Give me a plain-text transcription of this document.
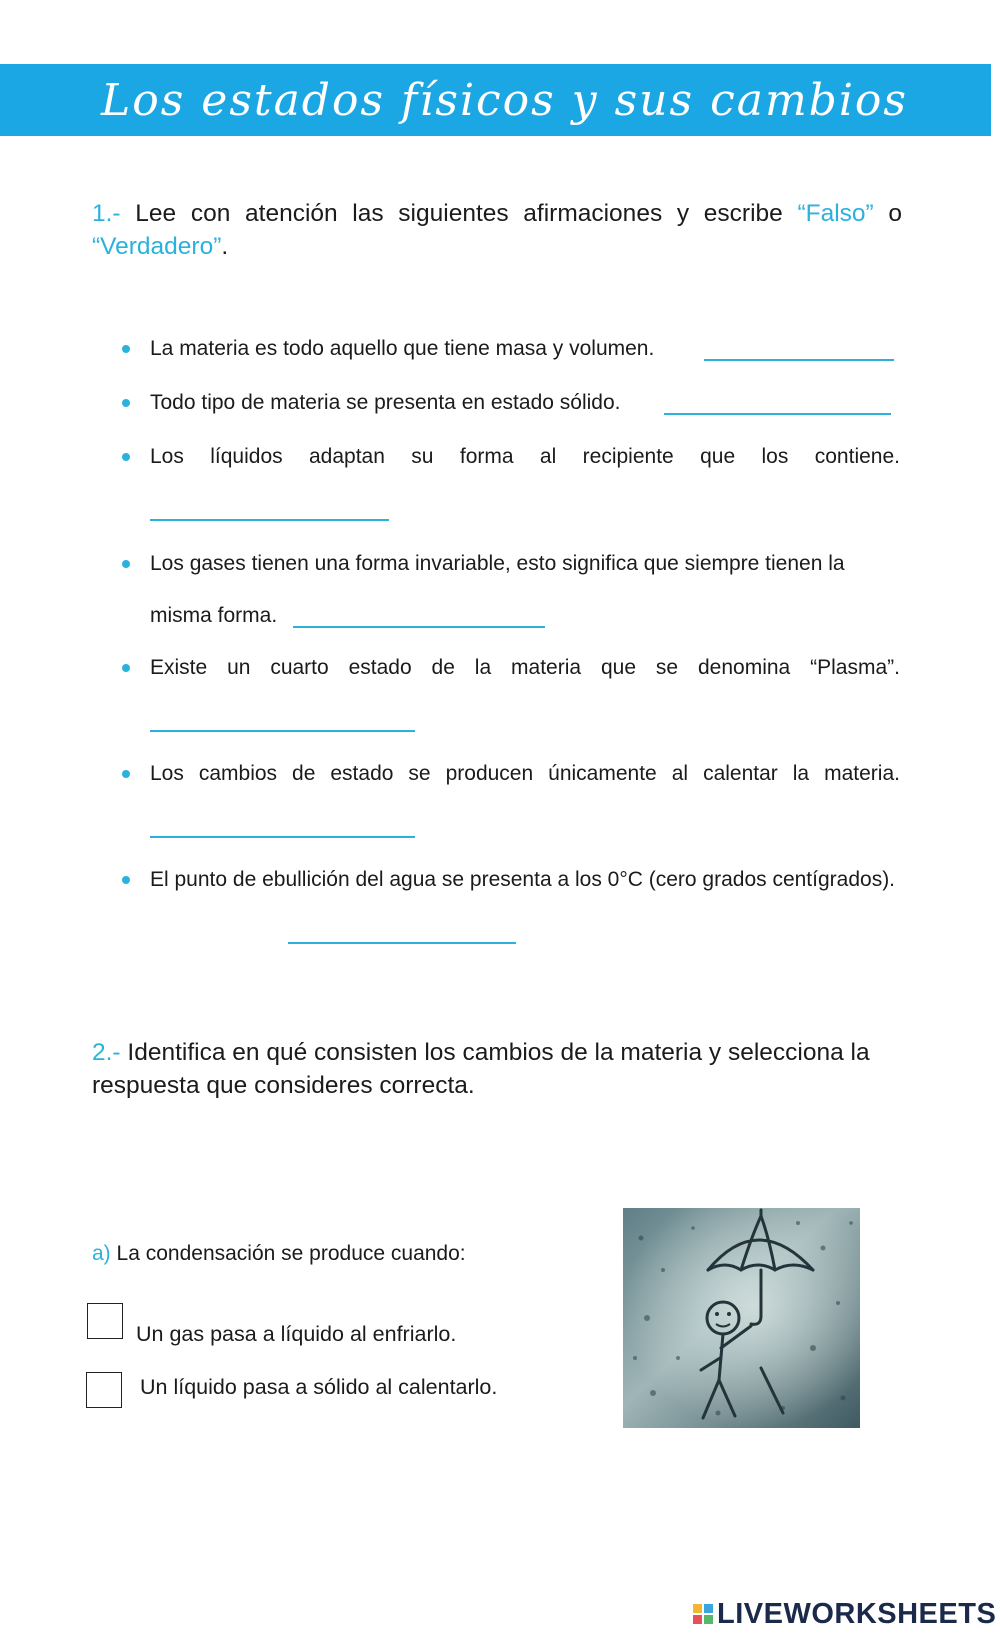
Los estados físicos y sus cambios
1.- Lee con atención las siguientes afirmaciones y escribe “Falso” o “Verdadero”.
La materia es todo aquello que tiene masa y volumen.
Todo tipo de materia se presenta en estado sólido.
Los líquidos adaptan su forma al recipiente que los contiene.
Los gases tienen una forma invariable, esto significa que siempre tienen la misma forma.
Existe un cuarto estado de la materia que se denomina “Plasma”.
Los cambios de estado se producen únicamente al calentar la materia.
El punto de ebullición del agua se presenta a los 0°C (cero grados centígrados).
2.- Identifica en qué consisten los cambios de la materia y selecciona la respuesta que consideres correcta.
a) La condensación se produce cuando:
Un gas pasa a líquido al enfriarlo.
Un líquido pasa a sólido al calentarlo.
LIVEWORKSHEETS
